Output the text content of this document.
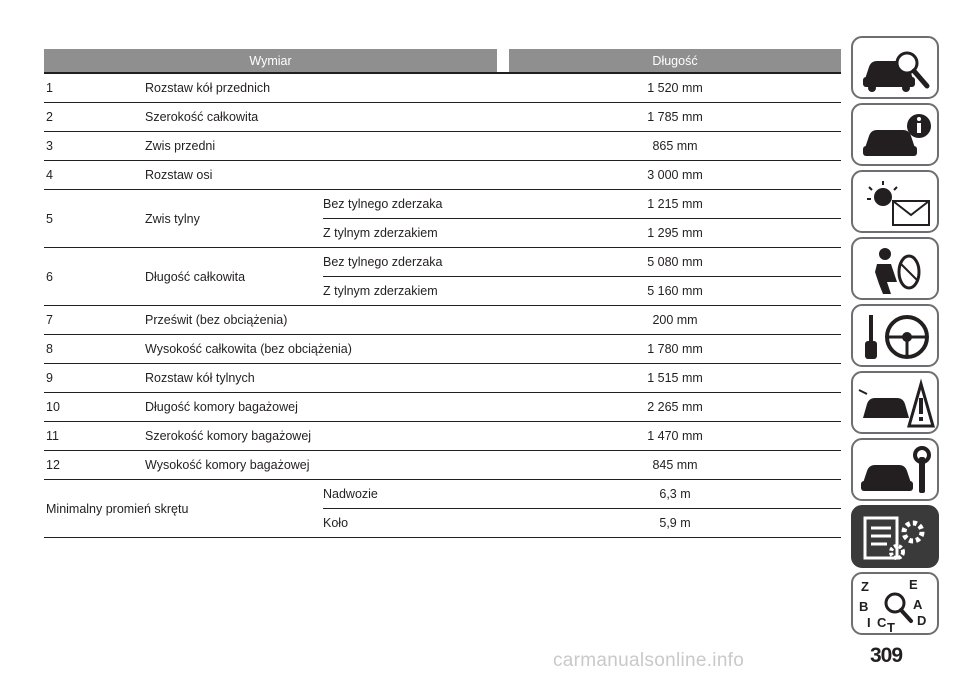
Wymiar				Długość
1	Rozstaw kół przednich			1 520 mm
2	Szerokość całkowita			1 785 mm
3	Zwis przedni			865 mm
4	Rozstaw osi			3 000 mm
5	Zwis tylny	Bez tylnego zderzaka		1 215 mm
		Z tylnym zderzakiem		1 295 mm
6	Długość całkowita	Bez tylnego zderzaka		5 080 mm
		Z tylnym zderzakiem		5 160 mm
7	Prześwit (bez obciążenia)			200 mm
8	Wysokość całkowita (bez obciążenia)			1 780 mm
9	Rozstaw kół tylnych			1 515 mm
10	Długość komory bagażowej			2 265 mm
11	Szerokość komory bagażowej			1 470 mm
12	Wysokość komory bagażowej			845 mm
Minimalny promień skrętu		Nadwozie		6,3 m
		Koło		5,9 m
Z	E
B	A
I C D
T
309
carmanualsonline.info
